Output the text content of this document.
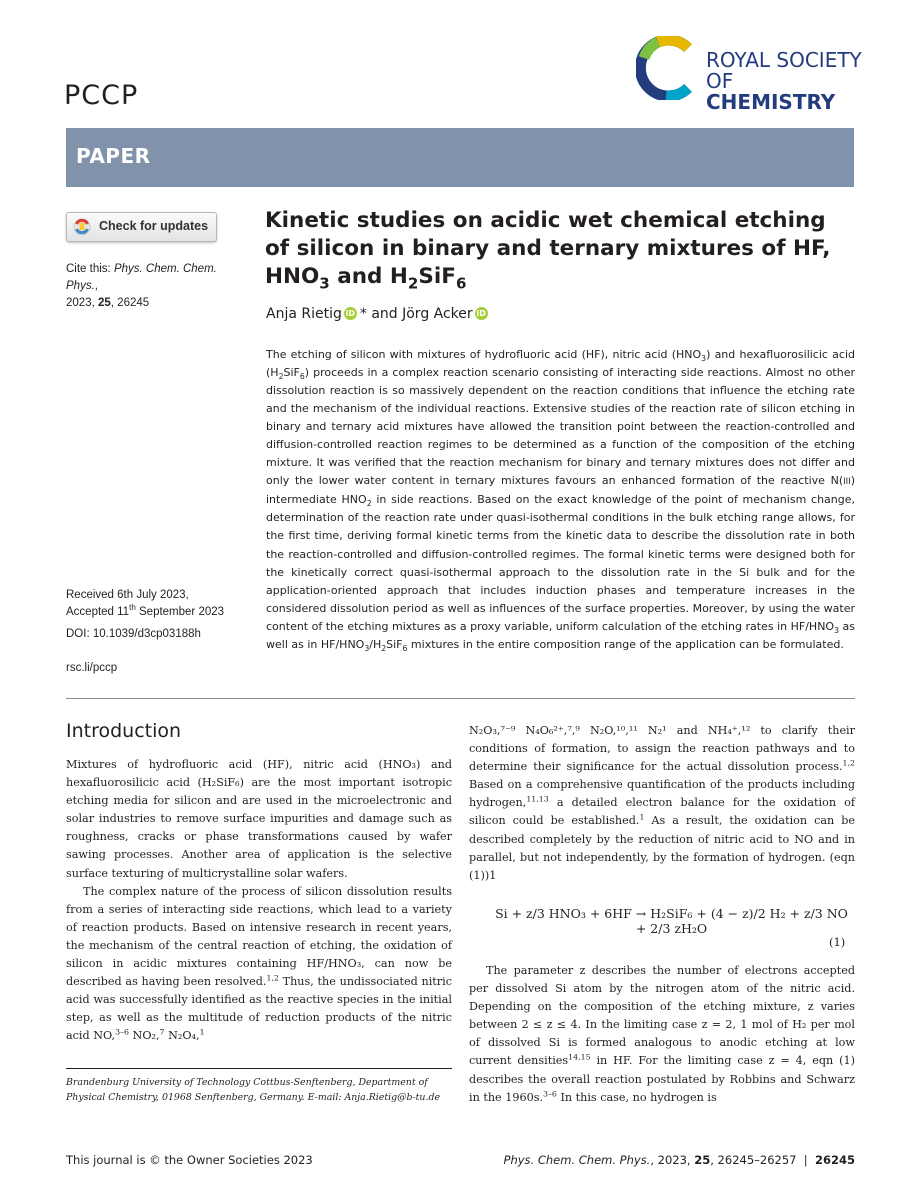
PCCP
ROYAL SOCIETY
OF CHEMISTRY
PAPER
Check for updates
Cite this: Phys. Chem. Chem. Phys.,
2023, 25, 26245
Received 6th July 2023,
Accepted 11th September 2023
DOI: 10.1039/d3cp03188h
rsc.li/pccp
Kinetic studies on acidic wet chemical etching
of silicon in binary and ternary mixtures of HF,
$HNO_3$ and $H_2SiF_6$
Anja Rietig iD * and Jörg Acker iD
The etching of silicon with mixtures of hydrofluoric acid (HF), nitric acid $(HNO_3)$ and hexafluorosilicic acid $(H_2SiF_6)$ proceeds in a complex reaction scenario consisting of interacting side reactions. Almost no other dissolution reaction is so massively dependent on the reaction conditions that influence the etching rate and the mechanism of the individual reactions. Extensive studies of the reaction rate of silicon etching in binary and ternary acid mixtures have allowed the transition point between the reaction-controlled and diffusion-controlled reaction regimes to be determined as a function of the composition of the etching mixture. It was verified that the reaction mechanism for binary and ternary mixtures does not differ and only the lower water content in ternary mixtures favours an enhanced formation of the reactive N(III) intermediate $HNO_2$ in side reactions. Based on the exact knowledge of the point of mechanism change, determination of the reaction rate under quasi-isothermal conditions in the bulk etching range allows, for the first time, deriving formal kinetic terms from the kinetic data to describe the dissolution rate in both the reaction-controlled and diffusion-controlled regimes. The formal kinetic terms were designed both for the kinetically correct quasi-isothermal approach to the dissolution rate in the Si bulk and for the application-oriented approach that includes induction phases and temperature increases in the considered dissolution period as well as influences of the surface properties. Moreover, by using the water content of the etching mixtures as a proxy variable, uniform calculation of the etching rates in $HF/HNO_3$ as well as in $HF/HNO_3/H_2SiF_6$ mixtures in the entire composition range of the application can be formulated.
Introduction

Mixtures of hydrofluoric acid (HF), nitric acid (HNO₃) and hexafluorosilicic acid (H₂SiF₆) are the most important isotropic etching media for silicon and are used in the microelectronic and solar industries to remove surface impurities and damage such as roughness, cracks or phase transformations caused by wafer sawing processes. Another area of application is the selective surface texturing of multicrystalline solar wafers.

The complex nature of the process of silicon dissolution results from a series of interacting side reactions, which lead to a variety of reaction products. Based on intensive research in recent years, the mechanism of the central reaction of etching, the oxidation of silicon in acidic mixtures containing HF/HNO₃, can now be described as having been resolved.$^{1,2}$ Thus, the undissociated nitric acid was successfully identified as the reactive species in the initial step, as well as the multitude of reduction products of the nitric acid NO,$^{3-6}$ NO₂,$^7$ N₂O₄,$^1$

N₂O₃,⁷⁻⁹ N₄O₆²⁺,⁷,⁹ N₂O,¹⁰,¹¹ N₂¹ and NH₄⁺,¹² to clarify their conditions of formation, to assign the reaction pathways and to determine their significance for the actual dissolution process.$^{1,2}$ Based on a comprehensive quantification of the products including hydrogen,$^{11,13}$ a detailed electron balance for the oxidation of silicon could be established.$^1$ As a result, the oxidation can be described completely by the reduction of nitric acid to NO and in parallel, but not independently, by the formation of hydrogen. (eqn (1))1

Si + z/3 HNO₃ + 6HF → H₂SiF₆ + (4 − z)/2 H₂ + z/3 NO + 2/3 zH₂O
(1)

The parameter z describes the number of electrons accepted per dissolved Si atom by the nitrogen atom of the nitric acid. Depending on the composition of the etching mixture, z varies between 2 ≤ z ≤ 4. In the limiting case z = 2, 1 mol of H₂ per mol of dissolved Si is formed analogous to anodic etching at low current densities$^{14,15}$ in HF. For the limiting case z = 4, eqn (1) describes the overall reaction postulated by Robbins and Schwarz in the 1960s.$^{3-6}$ In this case, no hydrogen is

Brandenburg University of Technology Cottbus-Senftenberg, Department of Physical Chemistry, 01968 Senftenberg, Germany. E-mail: Anja.Rietig@b-tu.de
This journal is © the Owner Societies 2023	Phys. Chem. Chem. Phys., 2023, 25, 26245–26257  |  26245
